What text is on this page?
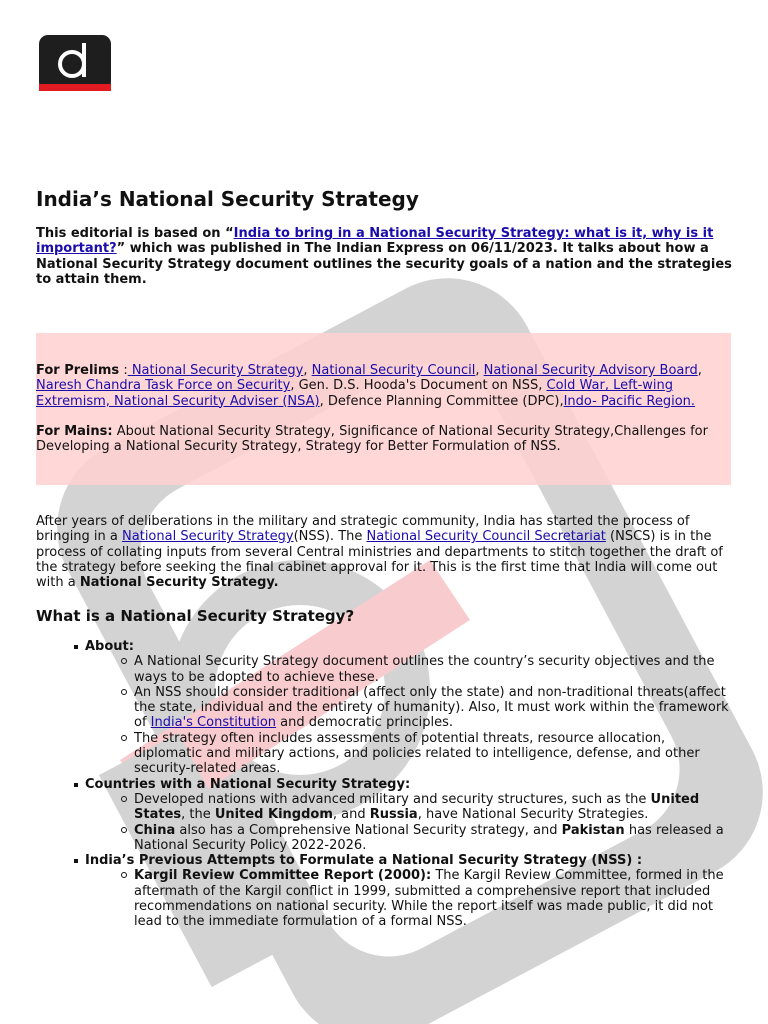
India’s National Security Strategy

This editorial is based on “India to bring in a National Security Strategy: what is it, why is it important?” which was published in The Indian Express on 06/11/2023. It talks about how a National Security Strategy document outlines the security goals of a nation and the strategies to attain them.

For Prelims : National Security Strategy, National Security Council, National Security Advisory Board, Naresh Chandra Task Force on Security, Gen. D.S. Hooda's Document on NSS, Cold War, Left-wing Extremism, National Security Adviser (NSA), Defence Planning Committee (DPC),Indo- Pacific Region.

For Mains: About National Security Strategy, Significance of National Security Strategy,Challenges for Developing a National Security Strategy, Strategy for Better Formulation of NSS.

After years of deliberations in the military and strategic community, India has started the process of bringing in a National Security Strategy(NSS). The National Security Council Secretariat (NSCS) is in the process of collating inputs from several Central ministries and departments to stitch together the draft of the strategy before seeking the final cabinet approval for it. This is the first time that India will come out with a National Security Strategy.

What is a National Security Strategy?
About:
A National Security Strategy document outlines the country’s security objectives and the ways to be adopted to achieve these.
An NSS should consider traditional (affect only the state) and non-traditional threats(affect the state, individual and the entirety of humanity). Also, It must work within the framework of India's Constitution and democratic principles.
The strategy often includes assessments of potential threats, resource allocation, diplomatic and military actions, and policies related to intelligence, defense, and other security-related areas.
Countries with a National Security Strategy:
Developed nations with advanced military and security structures, such as the United States, the United Kingdom, and Russia, have National Security Strategies.
China also has a Comprehensive National Security strategy, and Pakistan has released a National Security Policy 2022-2026.
India’s Previous Attempts to Formulate a National Security Strategy (NSS) :
Kargil Review Committee Report (2000): The Kargil Review Committee, formed in the aftermath of the Kargil conflict in 1999, submitted a comprehensive report that included recommendations on national security. While the report itself was made public, it did not lead to the immediate formulation of a formal NSS.
